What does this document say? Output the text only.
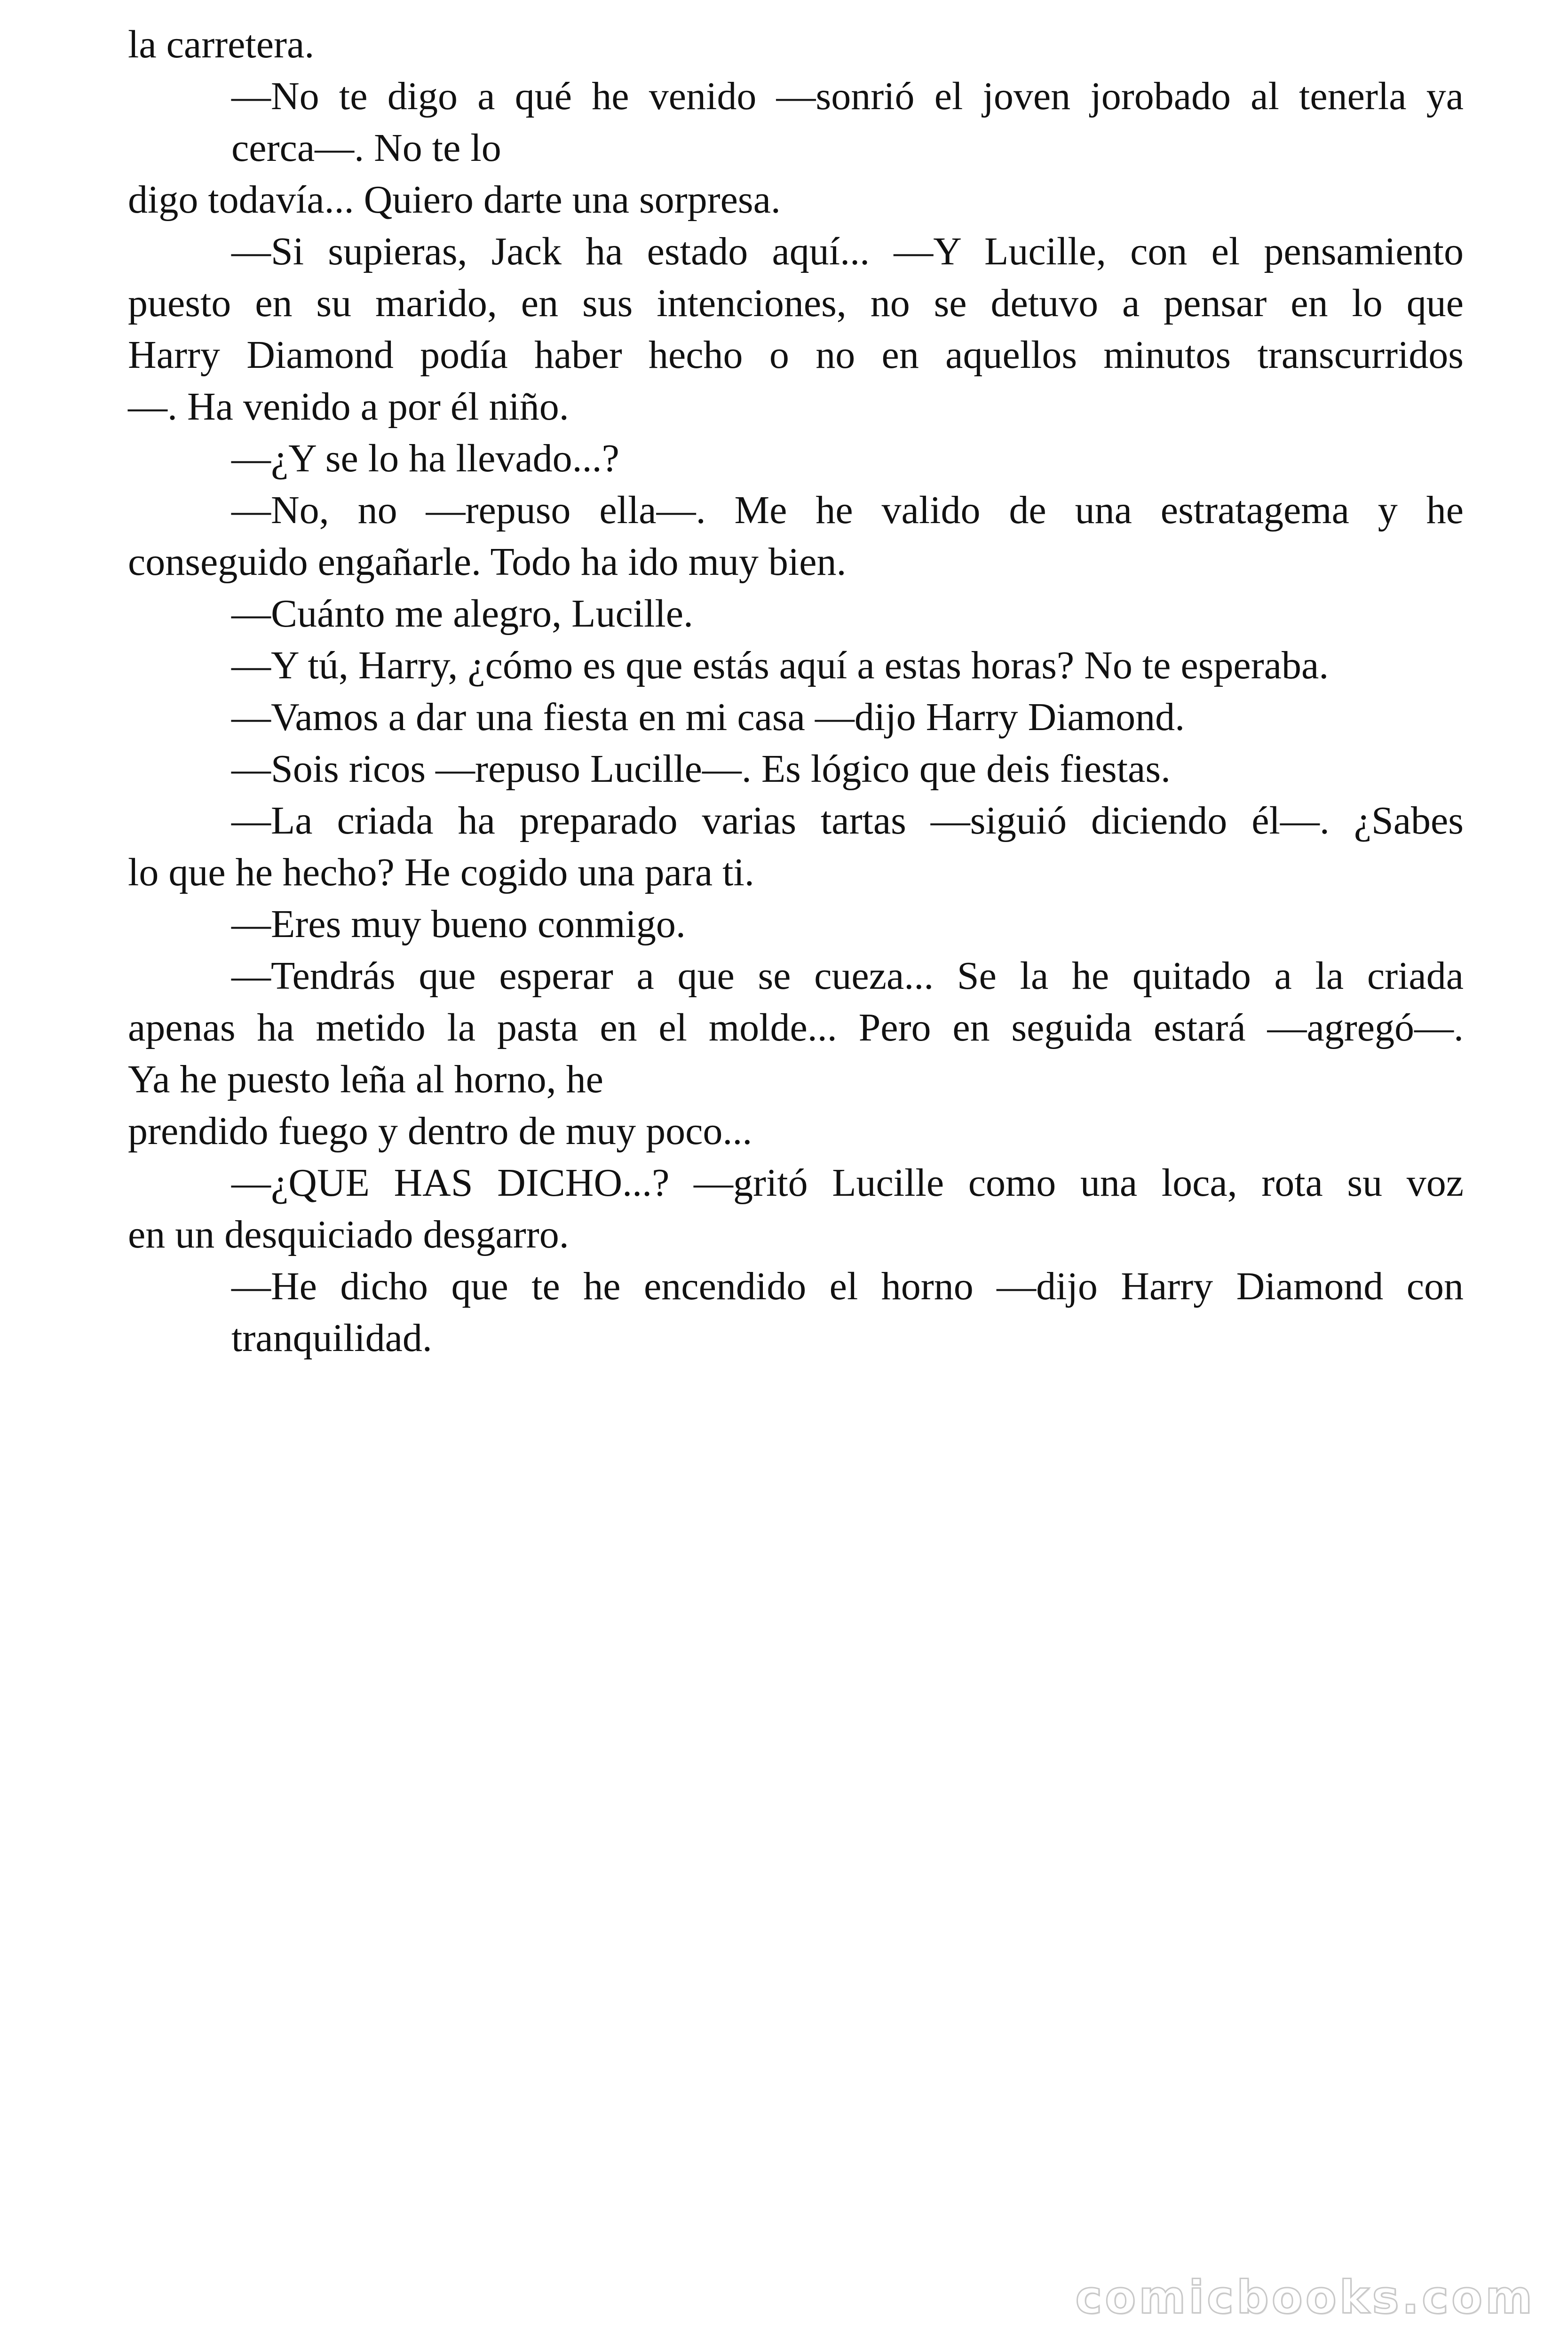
la carretera.
—No te digo a qué he venido —sonrió el joven jorobado al tenerla ya
cerca—. No te lo
digo todavía... Quiero darte una sorpresa.
—Si supieras, Jack ha estado aquí... —Y Lucille, con el pensamiento
puesto en su marido, en sus intenciones, no se detuvo a pensar en lo que
Harry Diamond podía haber hecho o no en aquellos minutos transcurridos
—. Ha venido a por él niño.
—¿Y se lo ha llevado...?
—No, no —repuso ella—. Me he valido de una estratagema y he
conseguido engañarle. Todo ha ido muy bien.
—Cuánto me alegro, Lucille.
—Y tú, Harry, ¿cómo es que estás aquí a estas horas? No te esperaba.
—Vamos a dar una fiesta en mi casa —dijo Harry Diamond.
—Sois ricos —repuso Lucille—. Es lógico que deis fiestas.
—La criada ha preparado varias tartas —siguió diciendo él—. ¿Sabes
lo que he hecho? He cogido una para ti.
—Eres muy bueno conmigo.
—Tendrás que esperar a que se cueza... Se la he quitado a la criada
apenas ha metido la pasta en el molde... Pero en seguida estará —agregó—.
Ya he puesto leña al horno, he
prendido fuego y dentro de muy poco...
—¿QUE HAS DICHO...? —gritó Lucille como una loca, rota su voz
en un desquiciado desgarro.
—He dicho que te he encendido el horno —dijo Harry Diamond con
tranquilidad.
comicbooks.com
